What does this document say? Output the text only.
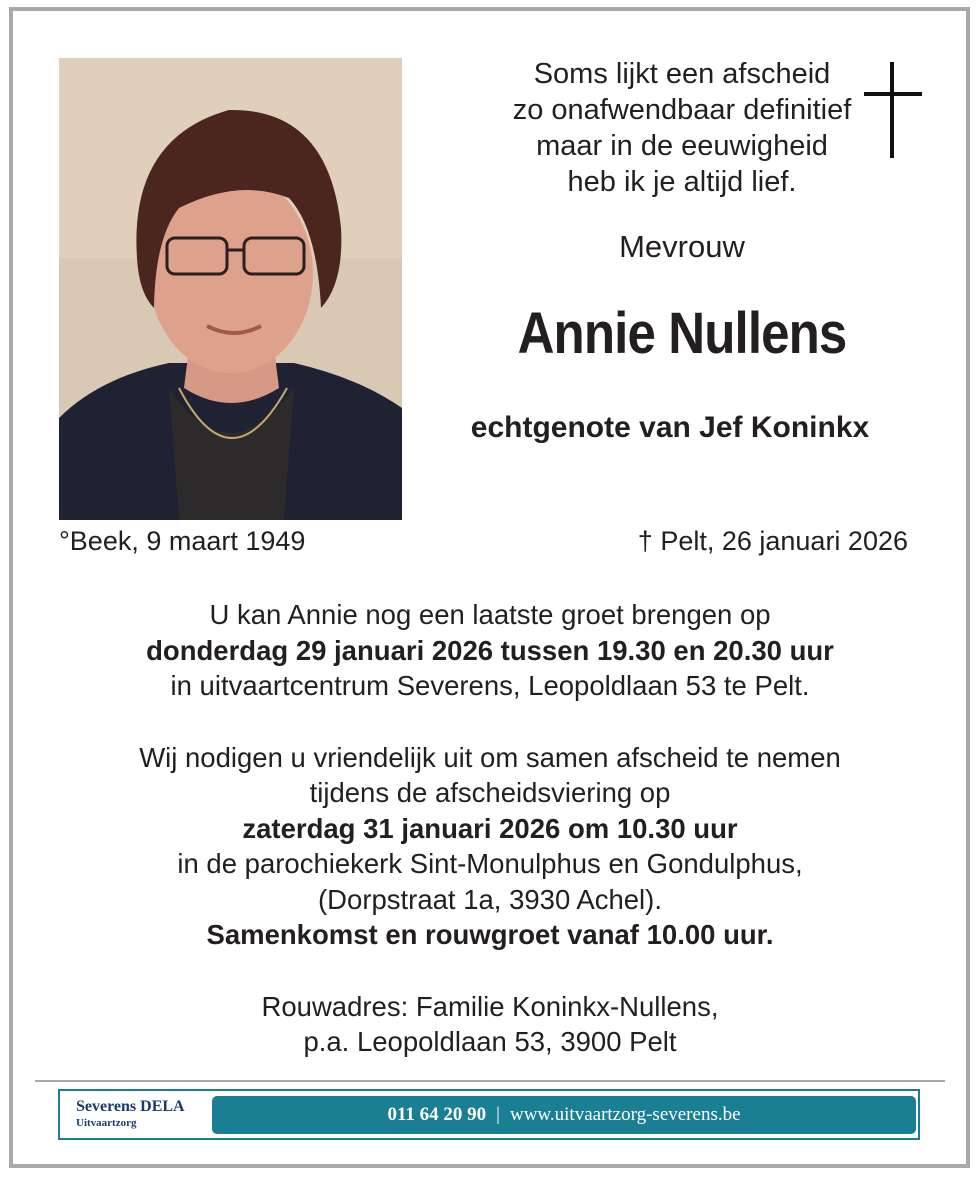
Soms lijkt een afscheid
zo onafwendbaar definitief
maar in de eeuwigheid
heb ik je altijd lief.
Mevrouw
Annie Nullens
echtgenote van Jef Koninkx
°Beek, 9 maart 1949	† Pelt, 26 januari 2026
U kan Annie nog een laatste groet brengen op
donderdag 29 januari 2026 tussen 19.30 en 20.30 uur
in uitvaartcentrum Severens, Leopoldlaan 53 te Pelt.
Wij nodigen u vriendelijk uit om samen afscheid te nemen
tijdens de afscheidsviering op
zaterdag 31 januari 2026 om 10.30 uur
in de parochiekerk Sint-Monulphus en Gondulphus,
(Dorpstraat 1a, 3930 Achel).
Samenkomst en rouwgroet vanaf 10.00 uur.
Rouwadres: Familie Koninkx-Nullens,
p.a. Leopoldlaan 53, 3900 Pelt
Severens DELA
Uitvaartzorg	011 64 20 90 | www.uitvaartzorg-severens.be
